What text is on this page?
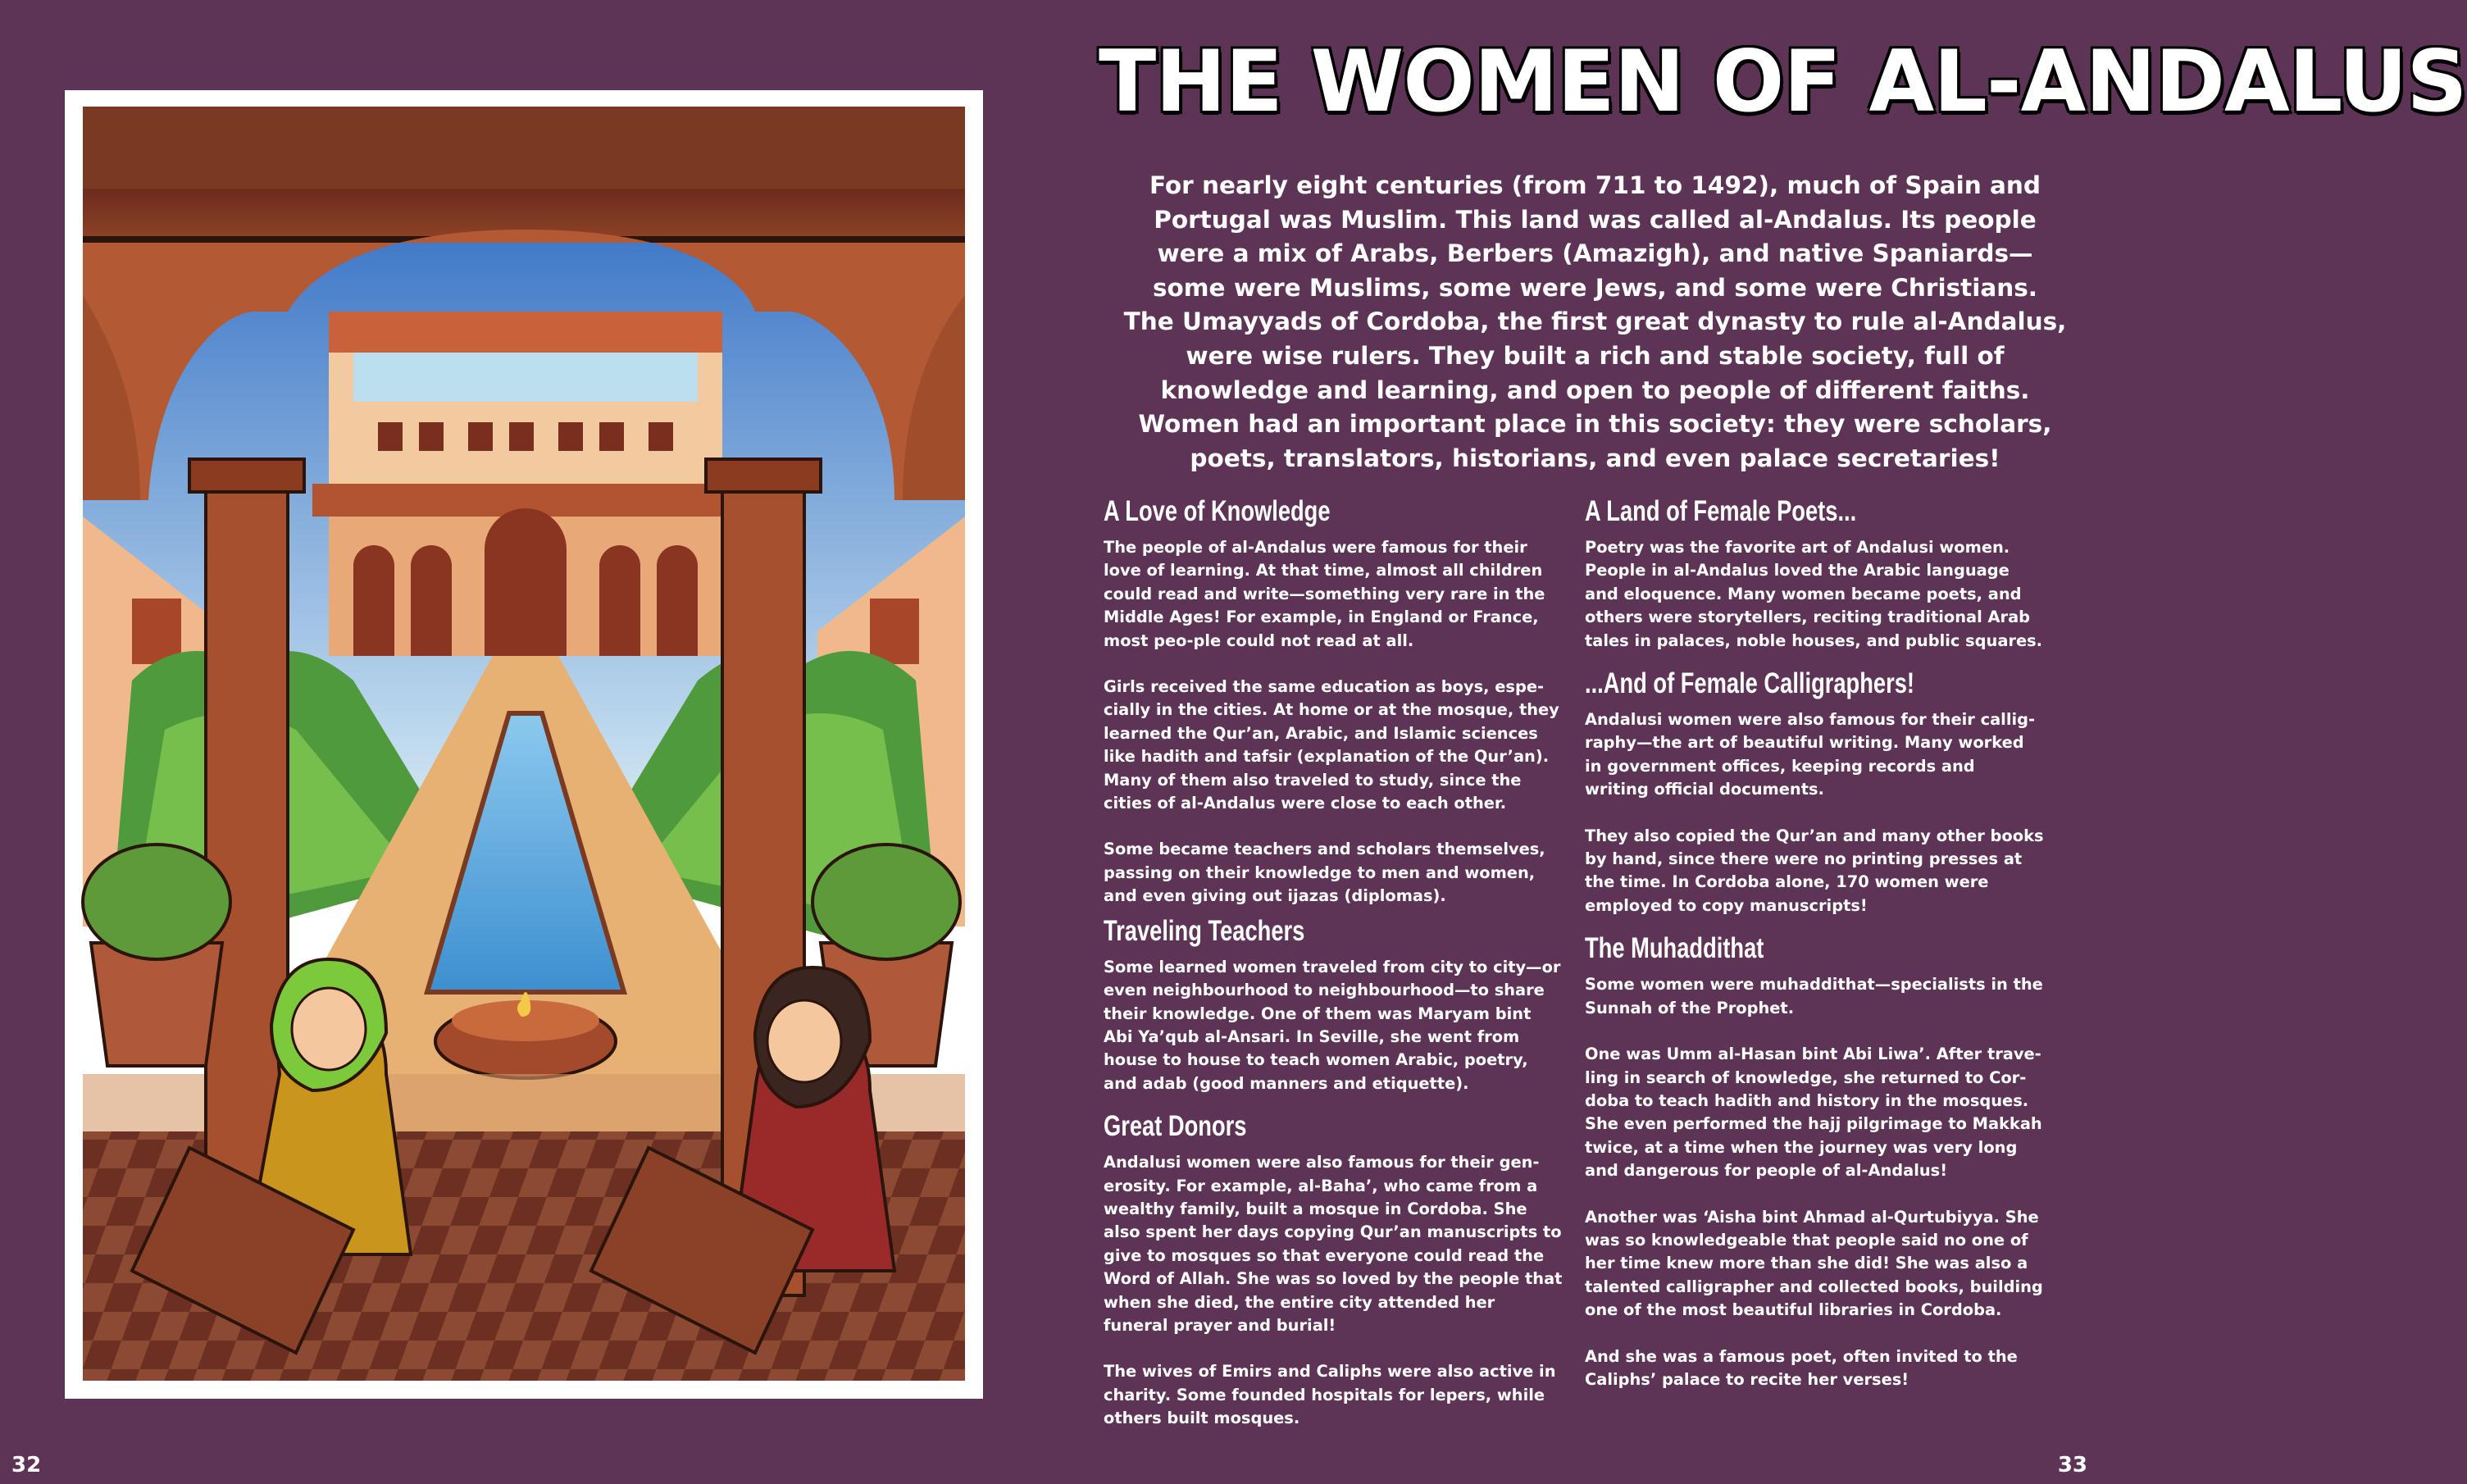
THE WOMEN OF AL-ANDALUS

For nearly eight centuries (from 711 to 1492), much of Spain and Portugal was Muslim. This land was called al-Andalus. Its people were a mix of Arabs, Berbers (Amazigh), and native Spaniards—some were Muslims, some were Jews, and some were Christians.

The Umayyads of Cordoba, the first great dynasty to rule al-Andalus, were wise rulers. They built a rich and stable society, full of knowledge and learning, and open to people of different faiths. Women had an important place in this society: they were scholars, poets, translators, historians, and even palace secretaries!

A Love of Knowledge

The people of al-Andalus were famous for their love of learning. At that time, almost all children could read and write—something very rare in the Middle Ages! For example, in England or France, most peo-ple could not read at all.

Girls received the same education as boys, espe-cially in the cities. At home or at the mosque, they learned the Qur’an, Arabic, and Islamic sciences like hadith and tafsir (explanation of the Qur’an). Many of them also traveled to study, since the cities of al-Andalus were close to each other.

Some became teachers and scholars themselves, passing on their knowledge to men and women, and even giving out ijazas (diplomas).

Traveling Teachers

Some learned women traveled from city to city—or even neighbourhood to neighbourhood—to share their knowledge. One of them was Maryam bint Abi Ya’qub al-Ansari. In Seville, she went from house to house to teach women Arabic, poetry, and adab (good manners and etiquette).

Great Donors

Andalusi women were also famous for their gen-erosity. For example, al-Baha’, who came from a wealthy family, built a mosque in Cordoba. She also spent her days copying Qur’an manuscripts to give to mosques so that everyone could read the Word of Allah. She was so loved by the people that when she died, the entire city attended her funeral prayer and burial!

The wives of Emirs and Caliphs were also active in charity. Some founded hospitals for lepers, while others built mosques.

A Land of Female Poets...

Poetry was the favorite art of Andalusi women. People in al-Andalus loved the Arabic language and eloquence. Many women became poets, and others were storytellers, reciting traditional Arab tales in palaces, noble houses, and public squares.

...And of Female Calligraphers!

Andalusi women were also famous for their callig-raphy—the art of beautiful writing. Many worked in government offices, keeping records and writing official documents.

They also copied the Qur’an and many other books by hand, since there were no printing presses at the time. In Cordoba alone, 170 women were employed to copy manuscripts!

The Muhaddithat

Some women were muhaddithat—specialists in the Sunnah of the Prophet.

One was Umm al-Hasan bint Abi Liwa’. After trave-ling in search of knowledge, she returned to Cor-doba to teach hadith and history in the mosques. She even performed the hajj pilgrimage to Makkah twice, at a time when the journey was very long and dangerous for people of al-Andalus!

Another was ‘Aisha bint Ahmad al-Qurtubiyya. She was so knowledgeable that people said no one of her time knew more than she did! She was also a talented calligrapher and collected books, building one of the most beautiful libraries in Cordoba.

And she was a famous poet, often invited to the Caliphs’ palace to recite her verses!

32	33
